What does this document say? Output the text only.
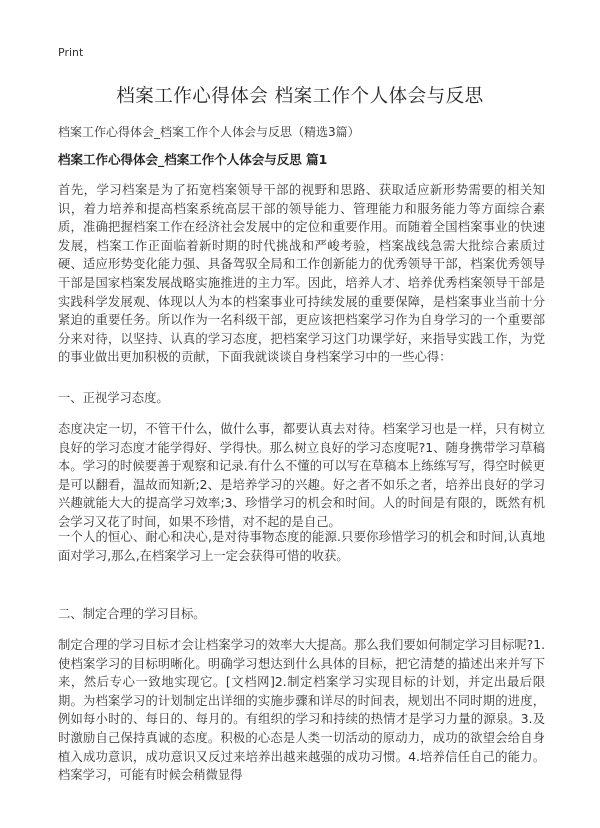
Print
档案工作心得体会 档案工作个人体会与反思
档案工作心得体会_档案工作个人体会与反思（精选3篇）
档案工作心得体会_档案工作个人体会与反思 篇1

首先，学习档案是为了拓宽档案领导干部的视野和思路、获取适应新形势需要的相关知识，着力培养和提高档案系统高层干部的领导能力、管理能力和服务能力等方面综合素质，准确把握档案工作在经济社会发展中的定位和重要作用。而随着全国档案事业的快速发展，档案工作正面临着新时期的时代挑战和严峻考验，档案战线急需大批综合素质过硬、适应形势变化能力强、具备驾驭全局和工作创新能力的优秀领导干部，档案优秀领导干部是国家档案发展战略实施推进的主力军。因此，培养人才、培养优秀档案领导干部是实践科学发展观、体现以人为本的档案事业可持续发展的重要保障，是档案事业当前十分紧迫的重要任务。所以作为一名科级干部，更应该把档案学习作为自身学习的一个重要部分来对待，以坚持、认真的学习态度，把档案学习这门功课学好，来指导实践工作，为党的事业做出更加积极的贡献，下面我就谈谈自身档案学习中的一些心得：

一、正视学习态度。

态度决定一切，不管干什么，做什么事，都要认真去对待。档案学习也是一样，只有树立良好的学习态度才能学得好、学得快。那么树立良好的学习态度呢?1、随身携带学习草稿本。学习的时候要善于观察和记录.有什么不懂的可以写在草稿本上练练写写，得空时候更是可以翻看，温故而知新;2、是培养学习的兴趣。好之者不如乐之者，培养出良好的学习兴趣就能大大的提高学习效率;3、珍惜学习的机会和时间。人的时间是有限的，既然有机会学习又花了时间，如果不珍惜，对不起的是自己。

一个人的恒心、耐心和决心,是对待事物态度的能源.只要你珍惜学习的机会和时间,认真地面对学习,那么,在档案学习上一定会获得可惜的收获。

二、制定合理的学习目标。

制定合理的学习目标才会让档案学习的效率大大提高。那么我们要如何制定学习目标呢?1.使档案学习的目标明晰化。明确学习想达到什么具体的目标，把它清楚的描述出来并写下来，然后专心一致地实现它。[文档网]2.制定档案学习实现目标的计划，并定出最后限期。为档案学习的计划制定出详细的实施步骤和详尽的时间表，规划出不同时期的进度，例如每小时的、每日的、每月的。有组织的学习和持续的热情才是学习力量的源泉。3.及时激励自己保持真诚的态度。积极的心态是人类一切活动的原动力，成功的欲望会给自身植入成功意识，成功意识又反过来培养出越来越强的成功习惯。4.培养信任自己的能力。档案学习，可能有时候会稍微显得
